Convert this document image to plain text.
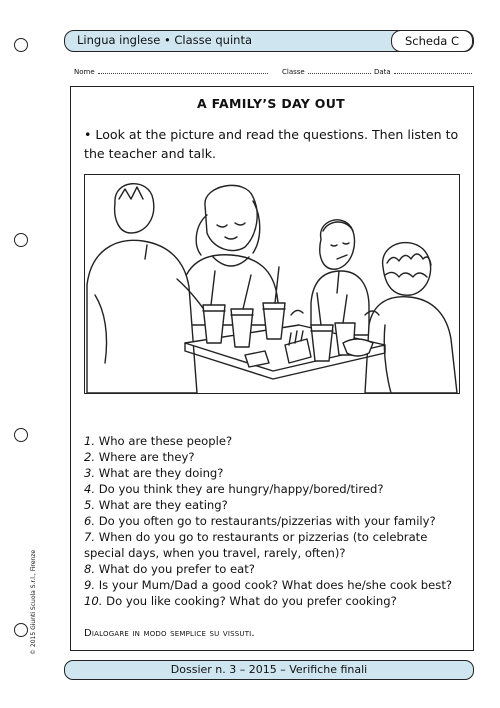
Lingua inglese • Classe quinta	Scheda C
Nome	Classe	Data
A FAMILY’S DAY OUT
• Look at the picture and read the questions. Then listen to the teacher and talk.
1. Who are these people?
2. Where are they?
3. What are they doing?
4. Do you think they are hungry/happy/bored/tired?
5. What are they eating?
6. Do you often go to restaurants/pizzerias with your family?
7. When do you go to restaurants or pizzerias (to celebrate special days, when you travel, rarely, often)?
8. What do you prefer to eat?
9. Is your Mum/Dad a good cook? What does he/she cook best?
10. Do you like cooking? What do you prefer cooking?
Dialogare in modo semplice su vissuti.
© 2015 Giunti Scuola S.r.l., Firenze
Dossier n. 3 – 2015 – Verifiche finali
